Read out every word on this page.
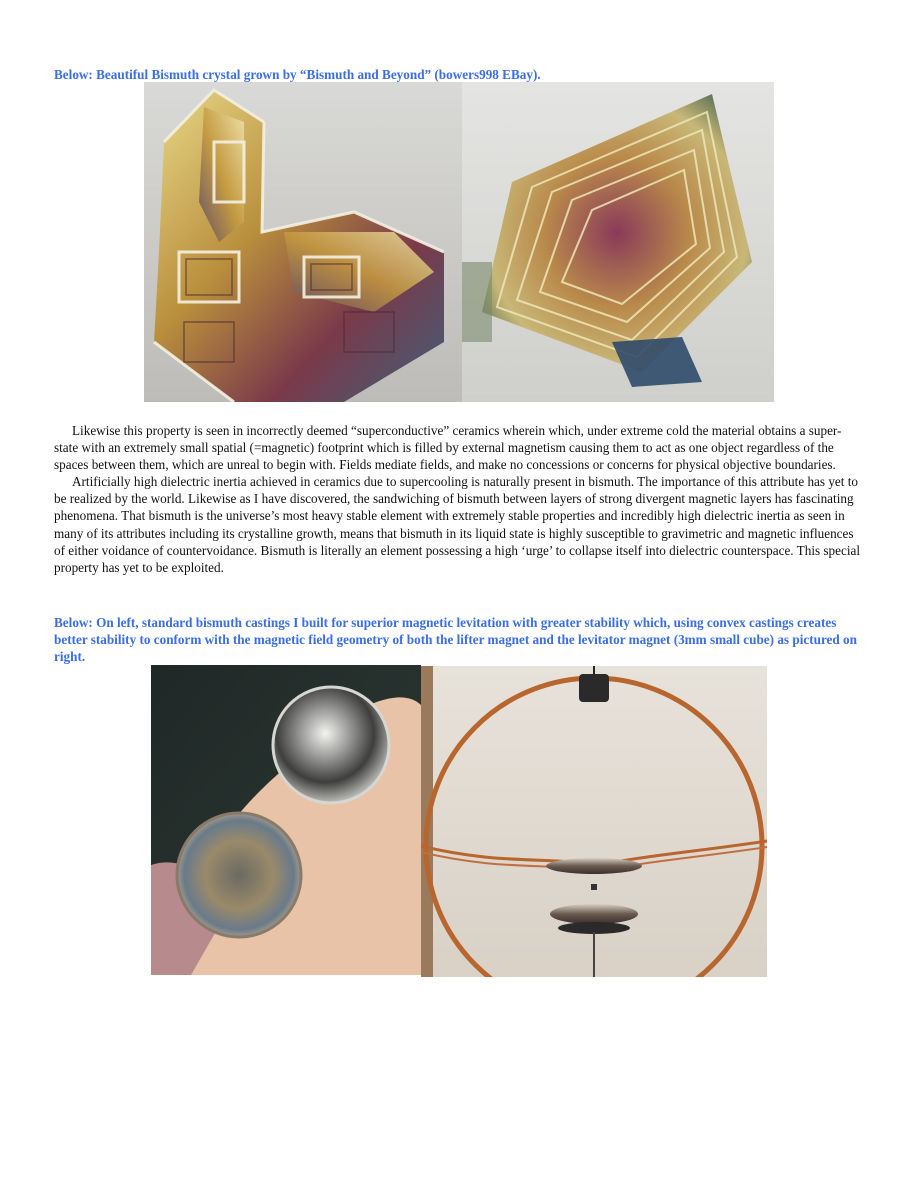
Below: Beautiful Bismuth crystal grown by “Bismuth and Beyond” (bowers998 EBay).

Likewise this property is seen in incorrectly deemed “superconductive” ceramics wherein which, under extreme cold the material obtains a super-state with an extremely small spatial (=magnetic) footprint which is filled by external magnetism causing them to act as one object regardless of the spaces between them, which are unreal to begin with. Fields mediate fields, and make no concessions or concerns for physical objective boundaries.

Artificially high dielectric inertia achieved in ceramics due to supercooling is naturally present in bismuth. The importance of this attribute has yet to be realized by the world. Likewise as I have discovered, the sandwiching of bismuth between layers of strong divergent magnetic layers has fascinating phenomena. That bismuth is the universe’s most heavy stable element with extremely stable properties and incredibly high dielectric inertia as seen in many of its attributes including its crystalline growth, means that bismuth in its liquid state is highly susceptible to gravimetric and magnetic influences of either voidance of countervoidance. Bismuth is literally an element possessing a high ‘urge’ to collapse itself into dielectric counterspace. This special property has yet to be exploited.

Below: On left, standard bismuth castings I built for superior magnetic levitation with greater stability which, using convex castings creates better stability to conform with the magnetic field geometry of both the lifter magnet and the levitator magnet (3mm small cube) as pictured on right.
